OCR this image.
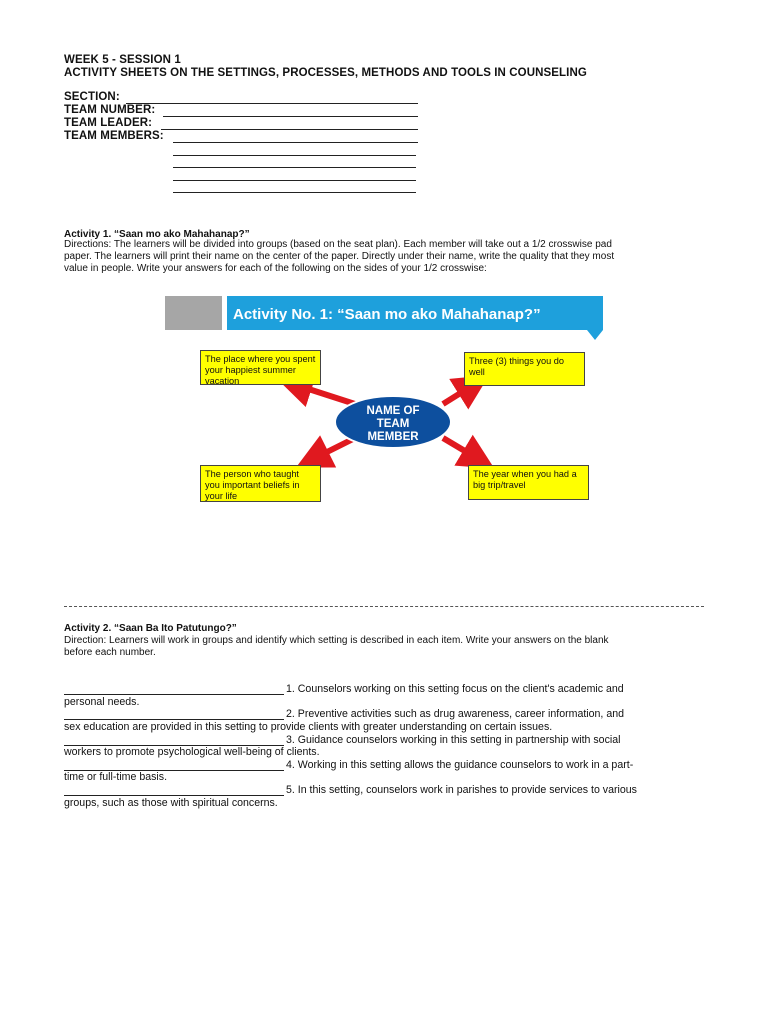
WEEK 5 - SESSION 1
ACTIVITY SHEETS ON THE SETTINGS, PROCESSES, METHODS AND TOOLS IN COUNSELING
SECTION:
TEAM NUMBER:
TEAM LEADER:
TEAM MEMBERS:
Activity 1. “Saan mo ako Mahahanap?”
Directions: The learners will be divided into groups (based on the seat plan). Each member will take out a 1/2 crosswise pad
paper. The learners will print their name on the center of the paper. Directly under their name, write the quality that they most
value in people. Write your answers for each of the following on the sides of your 1/2 crosswise:
Activity No. 1: “Saan mo ako Mahahanap?”
NAME OF
TEAM
MEMBER
The place where you spent your happiest summer vacation
Three (3) things you do well
The person who taught you important beliefs in your life
The year when you had a big trip/travel
Activity 2. “Saan Ba Ito Patutungo?”
Direction: Learners will work in groups and identify which setting is described in each item. Write your answers on the blank
before each number.
1. Counselors working on this setting focus on the client's academic and
personal needs.
2. Preventive activities such as drug awareness, career information, and
sex education are provided in this setting to provide clients with greater understanding on certain issues.
3. Guidance counselors working in this setting in partnership with social
workers to promote psychological well-being of clients.
4. Working in this setting allows the guidance counselors to work in a part-
time or full-time basis.
5. In this setting, counselors work in parishes to provide services to various
groups, such as those with spiritual concerns.
